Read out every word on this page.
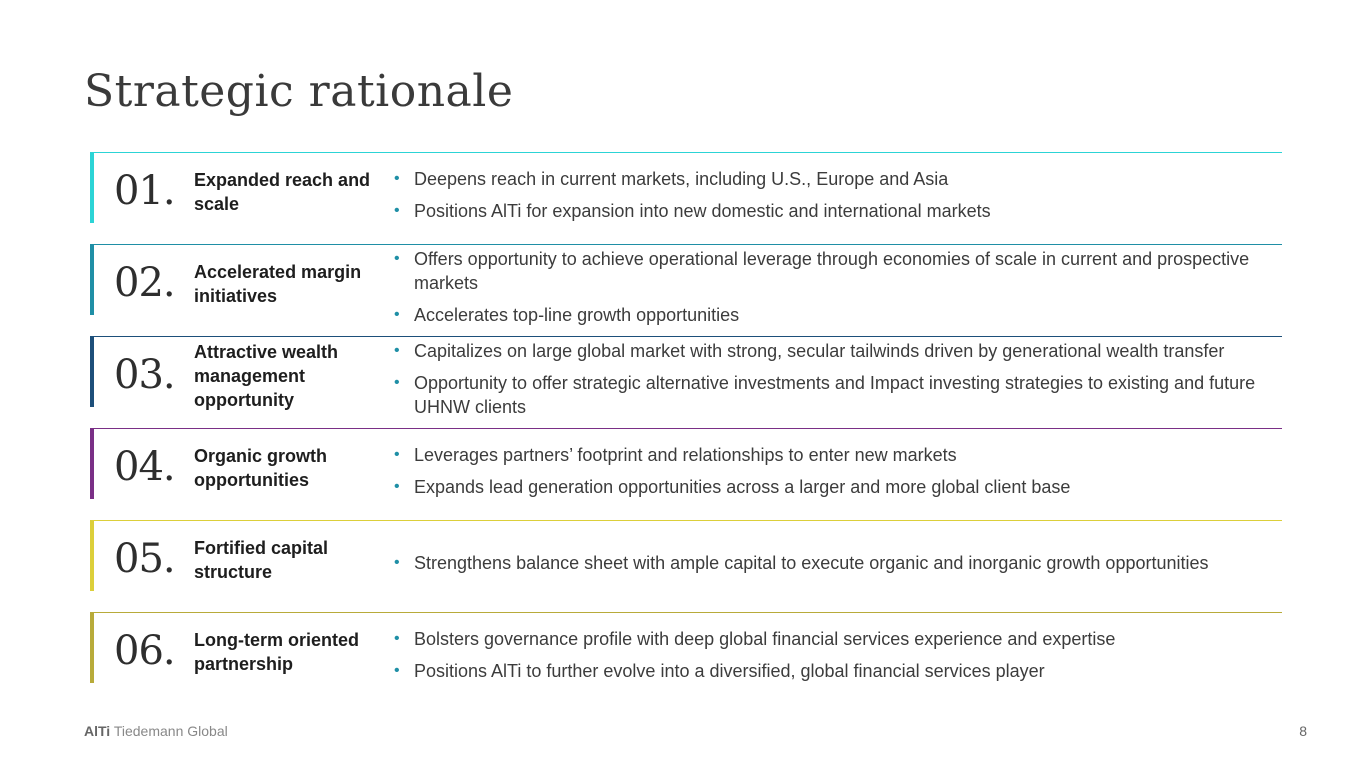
Strategic rationale
01. Expanded reach and scale
• Deepens reach in current markets, including U.S., Europe and Asia
• Positions AlTi for expansion into new domestic and international markets
02. Accelerated margin initiatives
• Offers opportunity to achieve operational leverage through economies of scale in current and prospective markets
• Accelerates top-line growth opportunities
03. Attractive wealth management opportunity
• Capitalizes on large global market with strong, secular tailwinds driven by generational wealth transfer
• Opportunity to offer strategic alternative investments and Impact investing strategies to existing and future UHNW clients
04. Organic growth opportunities
• Leverages partners’ footprint and relationships to enter new markets
• Expands lead generation opportunities across a larger and more global client base
05. Fortified capital structure
•	Strengthens balance sheet with ample capital to execute organic and inorganic growth opportunities
06. Long-term oriented partnership
• Bolsters governance profile with deep global financial services experience and expertise
• Positions AlTi to further evolve into a diversified, global financial services player
AlTi Tiedemann Global	8
